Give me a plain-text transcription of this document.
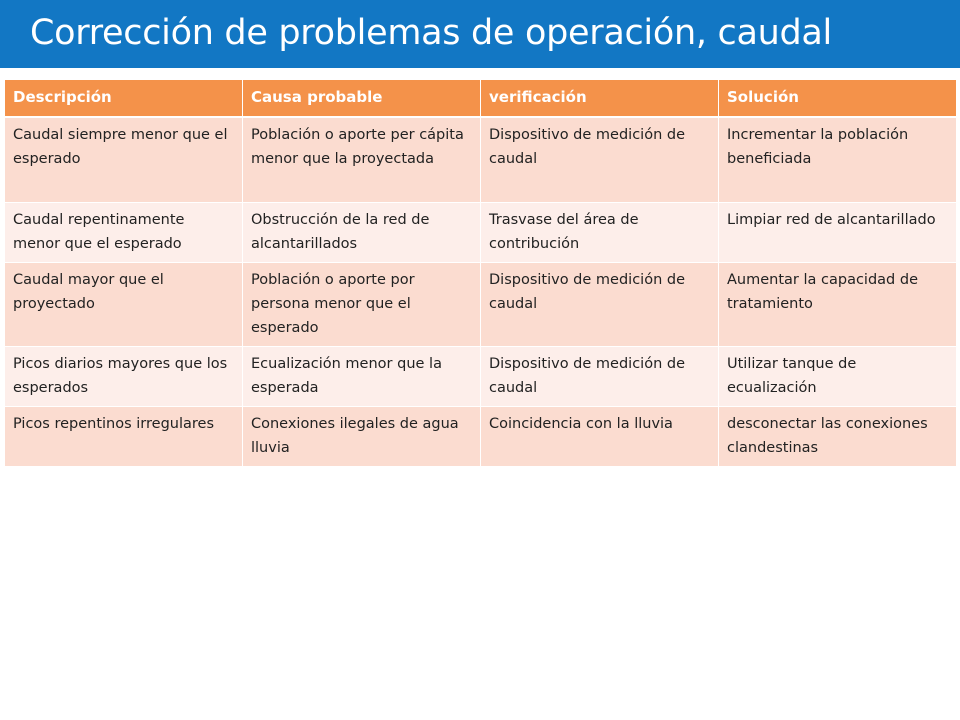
Corrección de problemas de operación, caudal
Descripción	Causa probable	verificación	Solución
Caudal siempre menor que el esperado	Población o aporte per cápita menor que la proyectada	Dispositivo de medición de caudal	Incrementar la población beneficiada
Caudal repentinamente menor que el esperado	Obstrucción de la red de alcantarillados	Trasvase del área de contribución	Limpiar red de alcantarillado
Caudal mayor que el proyectado	Población o aporte por persona menor que el esperado	Dispositivo de medición de caudal	Aumentar la capacidad de tratamiento
Picos diarios mayores que los esperados	Ecualización menor que la esperada	Dispositivo de medición de caudal	Utilizar tanque de ecualización
Picos repentinos irregulares	Conexiones ilegales de agua lluvia	Coincidencia con la lluvia	desconectar las conexiones clandestinas
